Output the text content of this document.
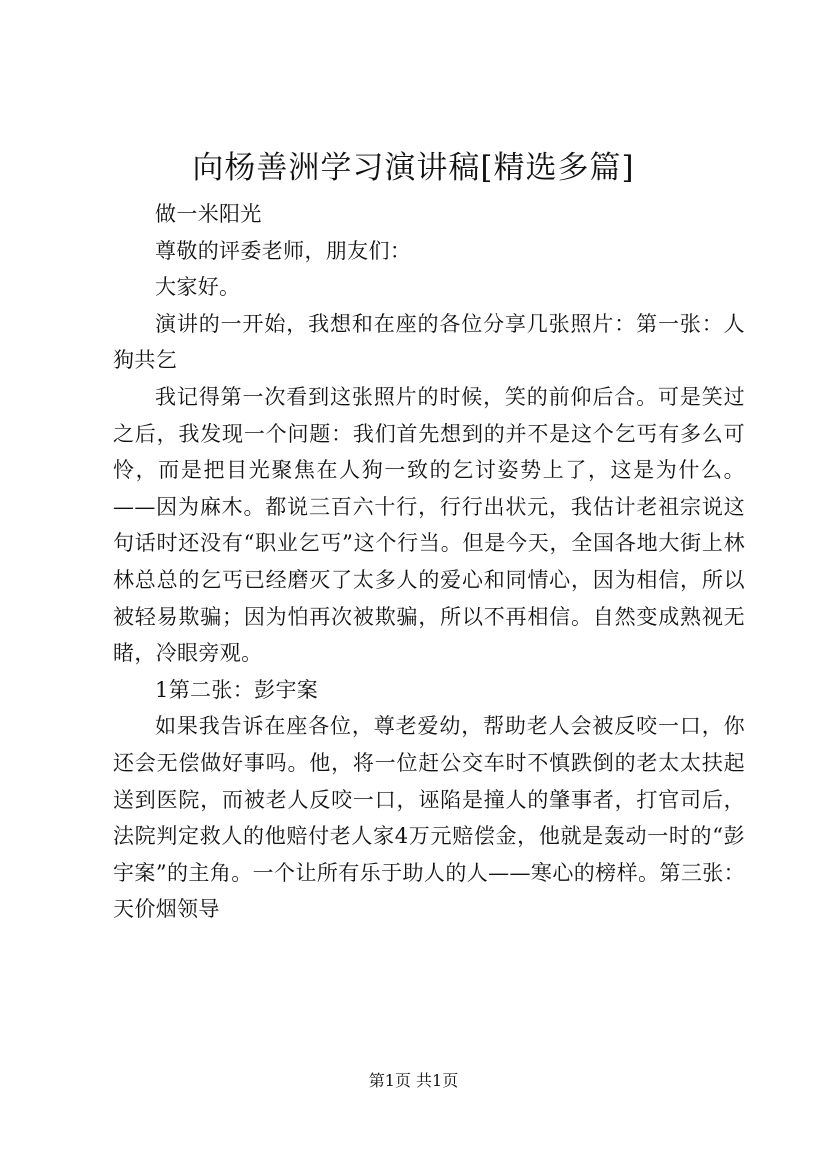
向杨善洲学习演讲稿[精选多篇]

做一米阳光

尊敬的评委老师，朋友们：

大家好。

演讲的一开始，我想和在座的各位分享几张照片：第一张：人狗共乞

我记得第一次看到这张照片的时候，笑的前仰后合。可是笑过之后，我发现一个问题：我们首先想到的并不是这个乞丐有多么可怜，而是把目光聚焦在人狗一致的乞讨姿势上了，这是为什么。——因为麻木。都说三百六十行，行行出状元，我估计老祖宗说这句话时还没有“职业乞丐”这个行当。但是今天，全国各地大街上林林总总的乞丐已经磨灭了太多人的爱心和同情心，因为相信，所以被轻易欺骗；因为怕再次被欺骗，所以不再相信。自然变成熟视无睹，冷眼旁观。

1第二张：彭宇案

如果我告诉在座各位，尊老爱幼，帮助老人会被反咬一口，你还会无偿做好事吗。他，将一位赶公交车时不慎跌倒的老太太扶起送到医院，而被老人反咬一口，诬陷是撞人的肇事者，打官司后，法院判定救人的他赔付老人家4万元赔偿金，他就是轰动一时的“彭宇案”的主角。一个让所有乐于助人的人——寒心的榜样。第三张：天价烟领导

第1页 共1页
